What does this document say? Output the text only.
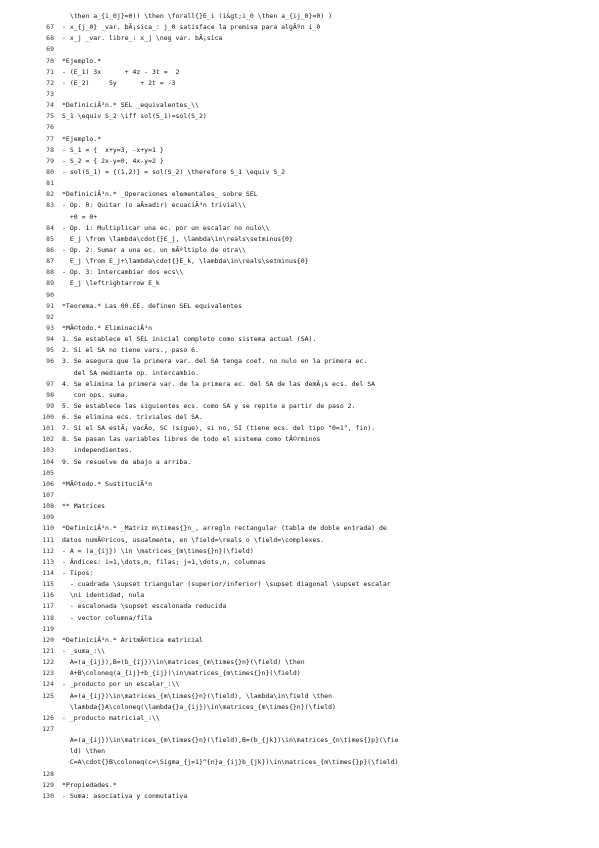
\then a_{i_0j}=0)) \then \forall{}E_i (i&gt;i_0 \then a_{ij_0}=0) )
67 - x_{j_0} _var. bÃ¡sica_: j_0 satisface la premisa para algÃºn i_0
68 - x_j _var. libre_: x_j \neg var. bÃ¡sica
69
70 *Ejemplo.*
71 - (E_1) 3x      + 4z - 3t =  2
72 - (E_2)     5y      + 2t = -3
73
74 *DefiniciÃ³n.* SEL _equivalentes_\\
75 S_1 \equiv S_2 \iff sol(S_1)=sol(S_2)
76
77 *Ejemplo.*
78 - S_1 = {  x+y=3, -x+y=1 }
79 - S_2 = { 2x-y=0, 4x-y=2 }
80 - sol(S_1) = {(1,2)} = sol(S_2) \therefore S_1 \equiv S_2
81
82 *DefiniciÃ³n.* _Operaciones elementales_ sobre SEL
83 - Op. 0: Quitar (o aÃ±adir) ecuaciÃ³n trivial\\
+0 = 0+
84 - Op. 1: Multiplicar una ec. por un escalar no nulo\\
85 E_j \from \lambda\cdot{}E_j, \lambda\in\reals\setminus{0}
86 - Op. 2: Sumar a una ec. un mÃºltiplo de otra\\
87 E_j \from E_j+\lambda\cdot{}E_k, \lambda\in\reals\setminus{0}
88 - Op. 3: Intercambiar dos ecs\\
89 E_j \leftrightarrow E_k
90
91 *Teorema.* Las 00.EE. definen SEL equivalentes
92
93 *MÃ©todo.* EliminaciÃ³n
94 1. Se establece el SEL inicial completo como sistema actual (SA).
95 2. Si el SA no tiene vars., paso 6.
96 3. Se asegura que la primera var. del SA tenga coef. no nulo en la primera ec.
del SA mediante op. intercambio.
97 4. Se elimina la primera var. de la primera ec. del SA de las demÃ¡s ecs. del SA
98 con ops. suma.
99 5. Se establece las siguientes ecs. como SA y se repite a partir de paso 2.
100 6. Se elimina ecs. triviales del SA.
101 7. Si el SA estÃ¡ vacÃo, SC (sigue), si no, SI (tiene ecs. del tipo "0=1", fin).
102 8. Se pasan las variables libres de todo el sistema como tÃ©rminos
103 independientes.
104 9. Se resuelve de abajo a arriba.
105
106 *MÃ©todo.* SustituciÃ³n
107
108 ** Matrices
109
110 *DefiniciÃ³n.* _Matriz m\times{}n_, arreglo rectangular (tabla de doble entrada) de
111 datos numÃ©ricos, usualmente, en \field=\reals o \field=\complexes.
112 - A = (a_{ij}) \in \matrices_{m\times{}n}(\field)
113 - Ãndices: i=1,\dots,m, filas; j=1,\dots,n, columnas
114 - Tipos:
115 - cuadrada \supset triangular (superior/inferior) \supset diagonal \supset escalar
116 \ni identidad, nula
117 - escalonada \supset escalonada reducida
118 - vector columna/fila
119
120 *DefiniciÃ³n.* AritmÃ©tica matricial
121 - _suma_:\\
122 A=(a_{ij}),B=(b_{ij})\in\matrices_{m\times{}n}(\field) \then
123 A+B\coloneq(a_{ij}+b_{ij})\in\matrices_{m\times{}n}(\field)
124 - _producto por un escalar_:\\
125 A=(a_{ij})\in\matrices_{m\times{}n}(\field), \lambda\in\field \then
\lambda{}A\coloneq(\lambda{}a_{ij})\in\matrices_{m\times{}n}(\field)
126 - _producto matricial_:\\
127
A=(a_{ij})\in\matrices_{m\times{}n}(\field),B=(b_{jk})\in\matrices_{n\times{}p}(\fie
ld) \then
C=A\cdot{}B\coloneq(c=\Sigma_{j=1}^{n}a_{ij}b_{jk})\in\matrices_{m\times{}p}(\field)
128
129 *Propiedades.*
130 - Suma: asociativa y conmutativa
